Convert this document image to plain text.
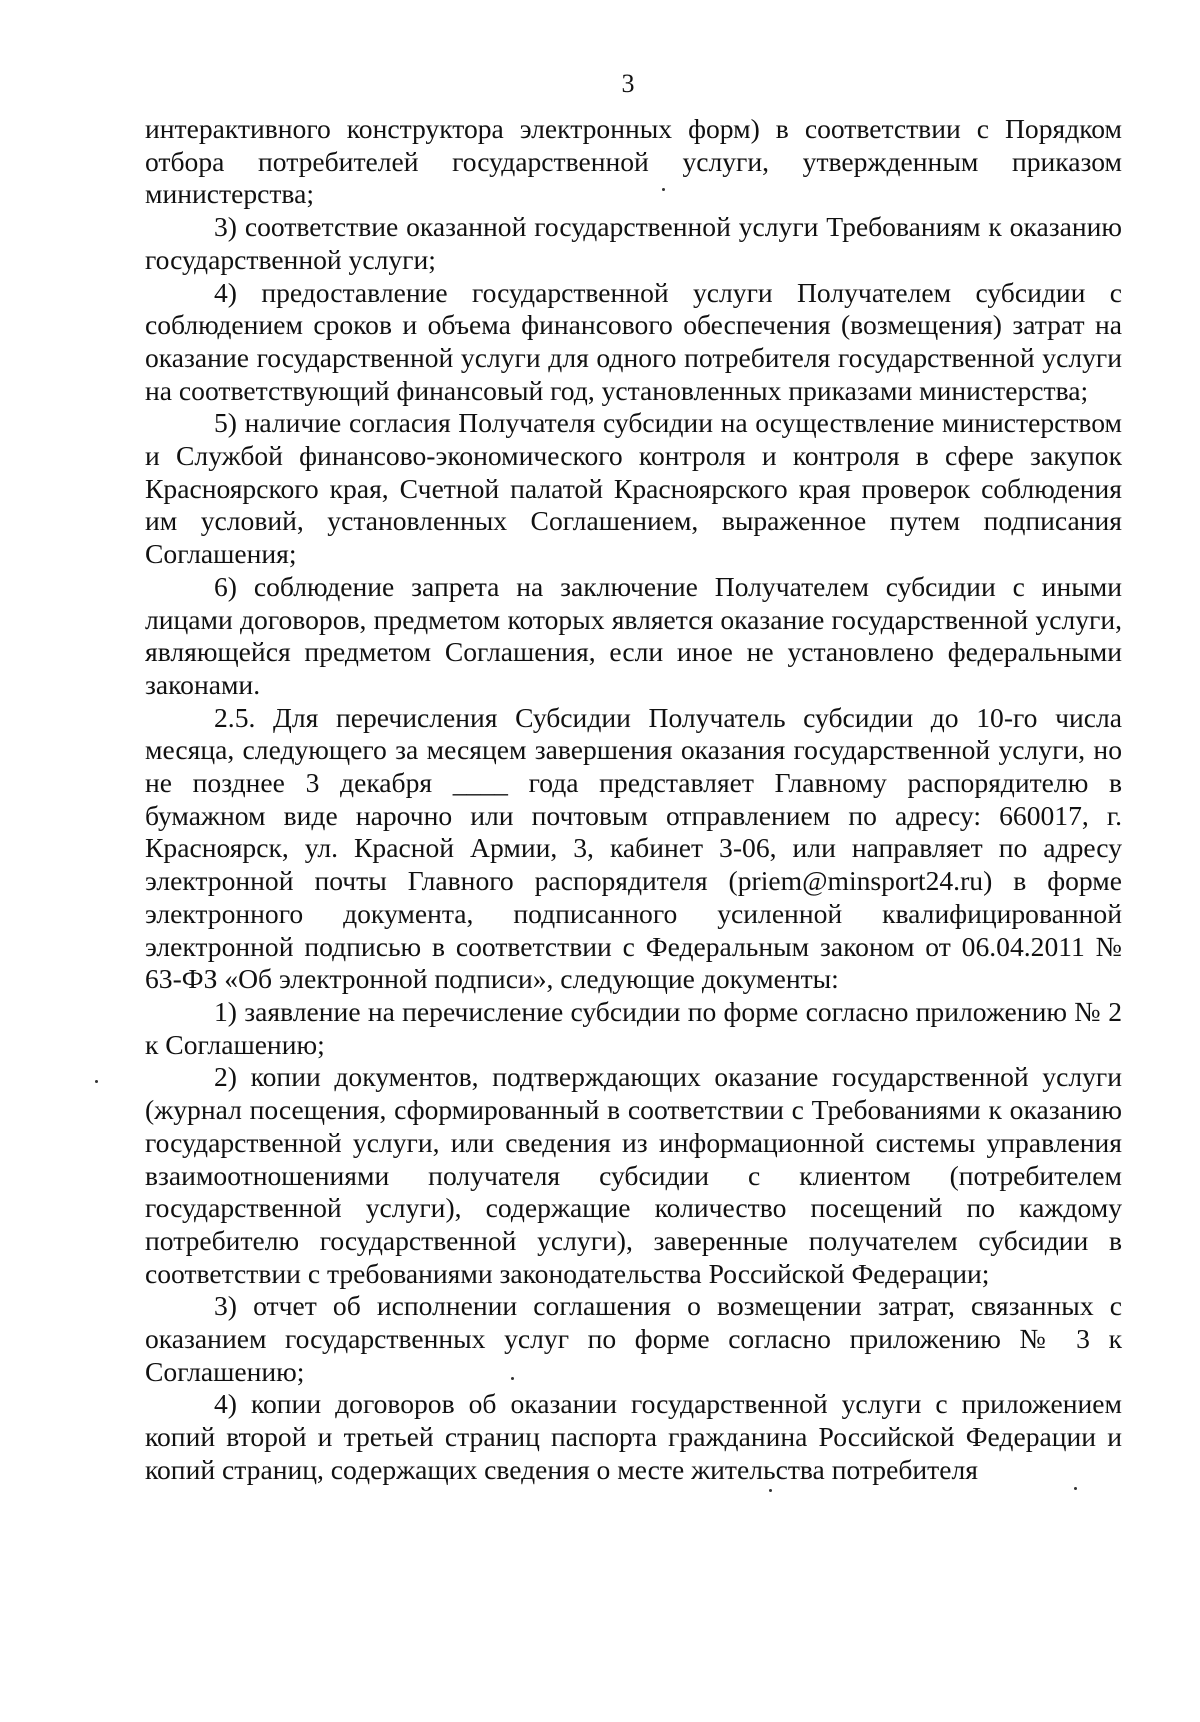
3

интерактивного конструктора электронных форм) в соответствии с Порядком отбора потребителей государственной услуги, утвержденным приказом министерства;

3) соответствие оказанной государственной услуги Требованиям к оказанию государственной услуги;

4) предоставление государственной услуги Получателем субсидии с соблюдением сроков и объема финансового обеспечения (возмещения) затрат на оказание государственной услуги для одного потребителя государственной услуги на соответствующий финансовый год, установленных приказами министерства;

5) наличие согласия Получателя субсидии на осуществление министерством и Службой финансово-экономического контроля и контроля в сфере закупок Красноярского края, Счетной палатой Красноярского края проверок соблюдения им условий, установленных Соглашением, выраженное путем подписания Соглашения;

6) соблюдение запрета на заключение Получателем субсидии с иными лицами договоров, предметом которых является оказание государственной услуги, являющейся предметом Соглашения, если иное не установлено федеральными законами.

2.5. Для перечисления Субсидии Получатель субсидии до 10-го числа месяца, следующего за месяцем завершения оказания государственной услуги, но не позднее 3 декабря ____ года представляет Главному распорядителю в бумажном виде нарочно или почтовым отправлением по адресу: 660017, г. Красноярск, ул. Красной Армии, 3, кабинет 3-06, или направляет по адресу электронной почты Главного распорядителя (priem@minsport24.ru) в форме электронного документа, подписанного усиленной квалифицированной электронной подписью в соответствии с Федеральным законом от 06.04.2011 № 63-ФЗ «Об электронной подписи», следующие документы:

1) заявление на перечисление субсидии по форме согласно приложению № 2 к Соглашению;

2) копии документов, подтверждающих оказание государственной услуги (журнал посещения, сформированный в соответствии с Требованиями к оказанию государственной услуги, или сведения из информационной системы управления взаимоотношениями получателя субсидии с клиентом (потребителем государственной услуги), содержащие количество посещений по каждому потребителю государственной услуги), заверенные получателем субсидии в соответствии с требованиями законодательства Российской Федерации;

3) отчет об исполнении соглашения о возмещении затрат, связанных с оказанием государственных услуг по форме согласно приложению № 3 к Соглашению;

4) копии договоров об оказании государственной услуги с приложением копий второй и третьей страниц паспорта гражданина Российской Федерации и копий страниц, содержащих сведения о месте жительства потребителя
